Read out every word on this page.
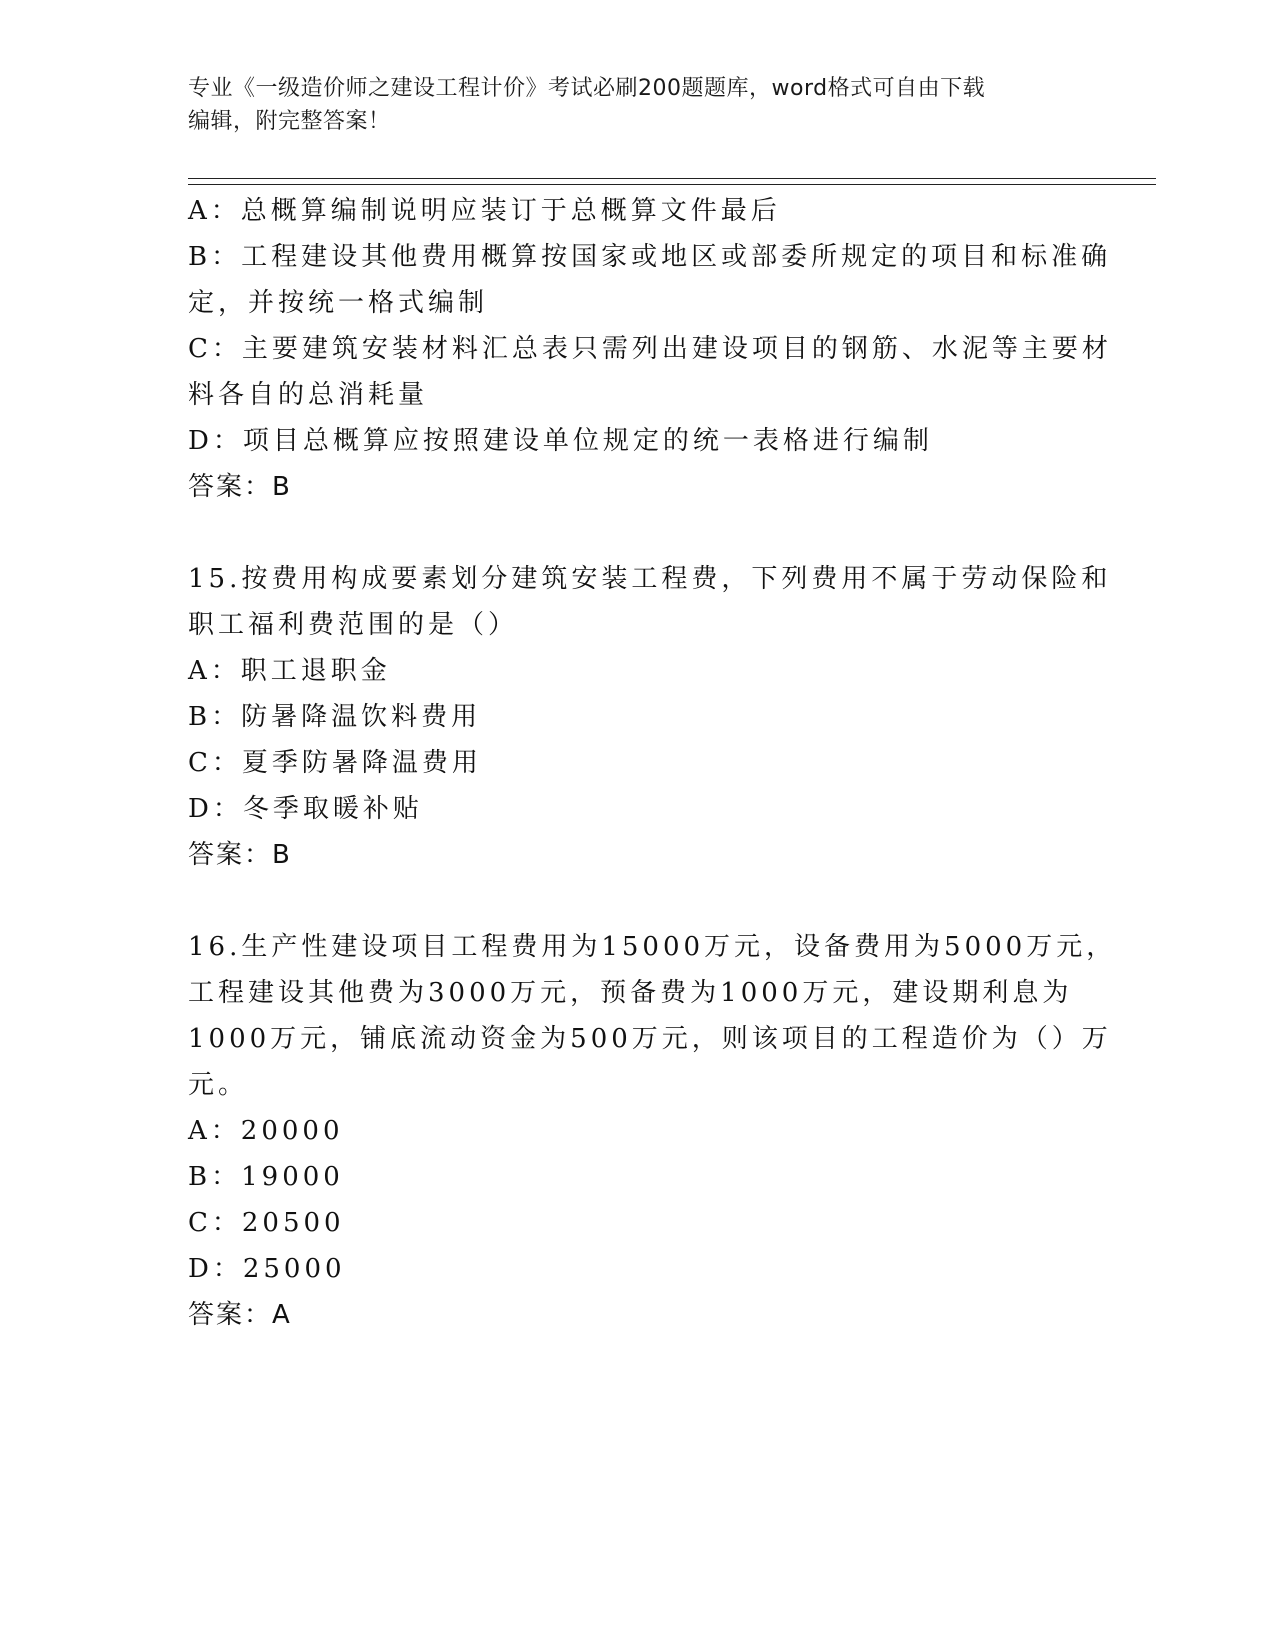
专业《一级造价师之建设工程计价》考试必刷200题题库，word格式可自由下载
编辑，附完整答案！

A：总概算编制说明应装订于总概算文件最后

B：工程建设其他费用概算按国家或地区或部委所规定的项目和标准确

定，并按统一格式编制

C：主要建筑安装材料汇总表只需列出建设项目的钢筋、水泥等主要材

料各自的总消耗量

D：项目总概算应按照建设单位规定的统一表格进行编制

答案：B

15.按费用构成要素划分建筑安装工程费，下列费用不属于劳动保险和

职工福利费范围的是（）

A：职工退职金

B：防暑降温饮料费用

C：夏季防暑降温费用

D：冬季取暖补贴

答案：B

16.生产性建设项目工程费用为15000万元，设备费用为5000万元，

工程建设其他费为3000万元，预备费为1000万元，建设期利息为

1000万元，铺底流动资金为500万元，则该项目的工程造价为（）万

元。

A：20000

B：19000

C：20500

D：25000

答案：A
